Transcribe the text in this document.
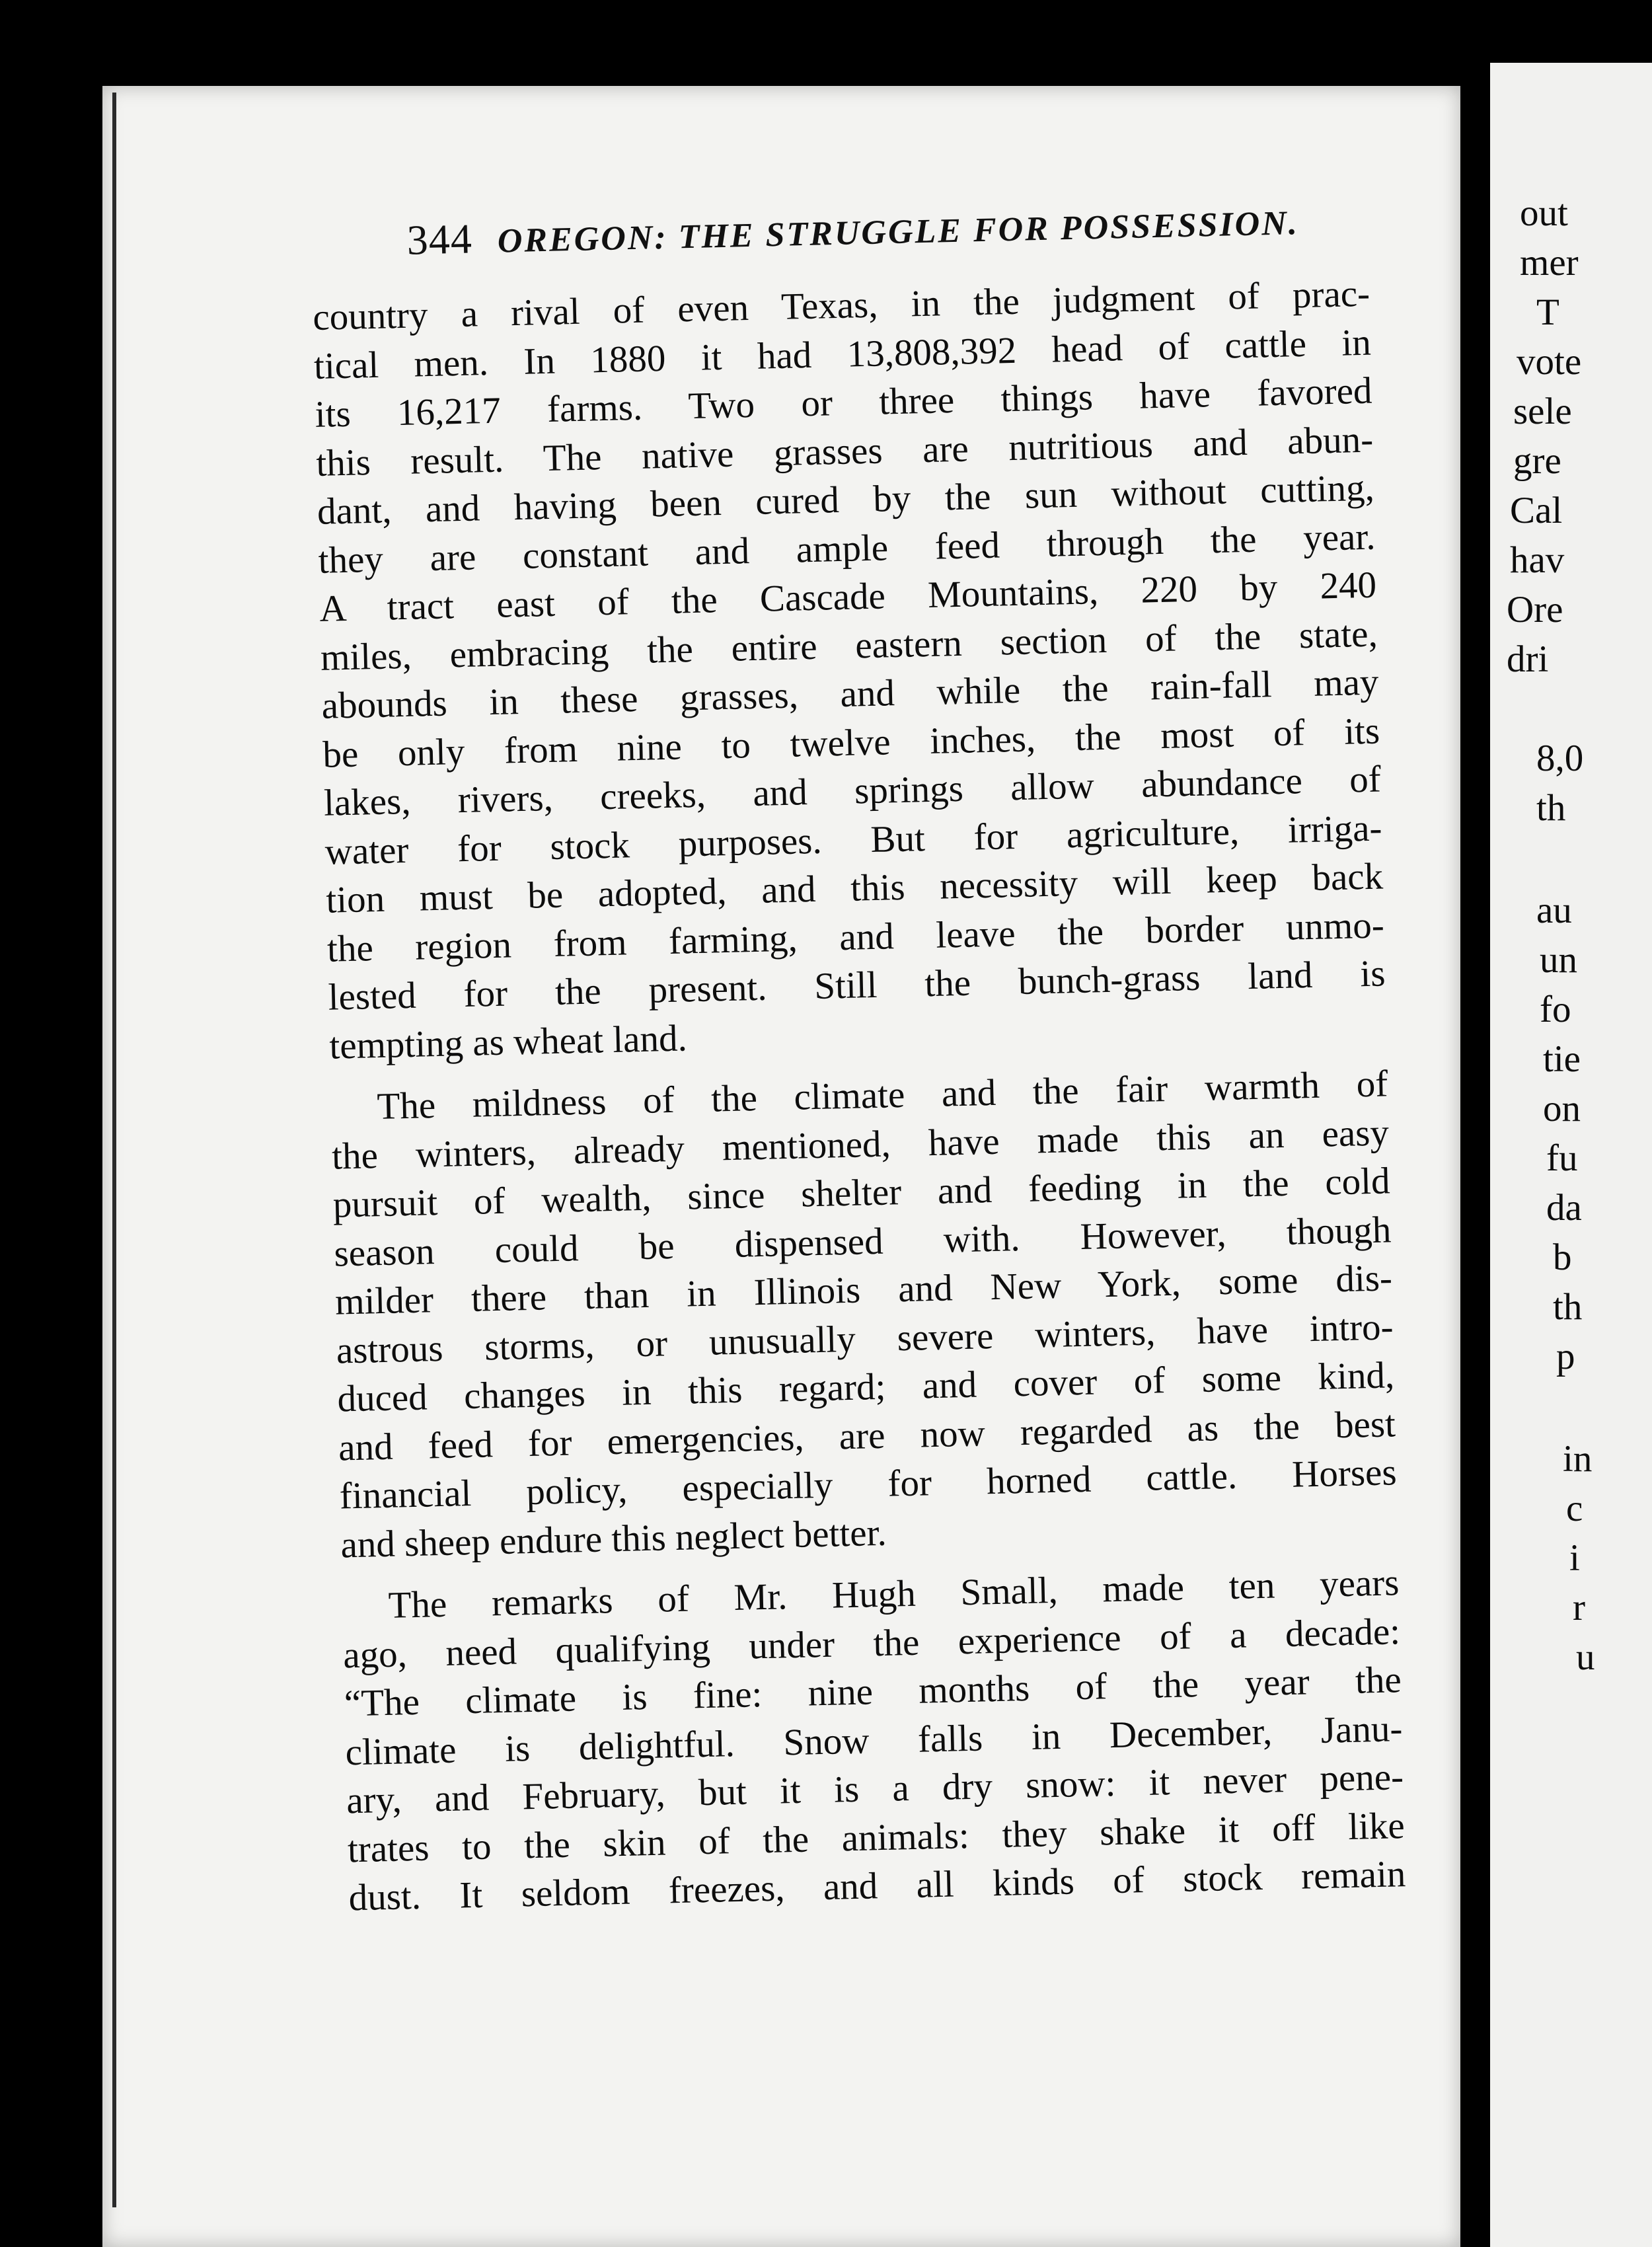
344 OREGON: THE STRUGGLE FOR POSSESSION.
country a rival of even Texas, in the judgment of prac-
tical men. In 1880 it had 13,808,392 head of cattle in
its 16,217 farms. Two or three things have favored
this result. The native grasses are nutritious and abun-
dant, and having been cured by the sun without cutting,
they are constant and ample feed through the year.
A tract east of the Cascade Mountains, 220 by 240
miles, embracing the entire eastern section of the state,
abounds in these grasses, and while the rain-fall may
be only from nine to twelve inches, the most of its
lakes, rivers, creeks, and springs allow abundance of
water for stock purposes. But for agriculture, irriga-
tion must be adopted, and this necessity will keep back
the region from farming, and leave the border unmo-
lested for the present. Still the bunch-grass land is
tempting as wheat land.
The mildness of the climate and the fair warmth of
the winters, already mentioned, have made this an easy
pursuit of wealth, since shelter and feeding in the cold
season could be dispensed with. However, though
milder there than in Illinois and New York, some dis-
astrous storms, or unusually severe winters, have intro-
duced changes in this regard; and cover of some kind,
and feed for emergencies, are now regarded as the best
financial policy, especially for horned cattle. Horses
and sheep endure this neglect better.
The remarks of Mr. Hugh Small, made ten years
ago, need qualifying under the experience of a decade:
“The climate is fine: nine months of the year the
climate is delightful. Snow falls in December, Janu-
ary, and February, but it is a dry snow: it never pene-
trates to the skin of the animals: they shake it off like
dust. It seldom freezes, and all kinds of stock remain
out
mer
T
vote
sele
gre
Cal
hav
Ore
dri
8,0
th
au
un
fo
tie
on
fu
da
b
th
p
in
c
i
r
u
